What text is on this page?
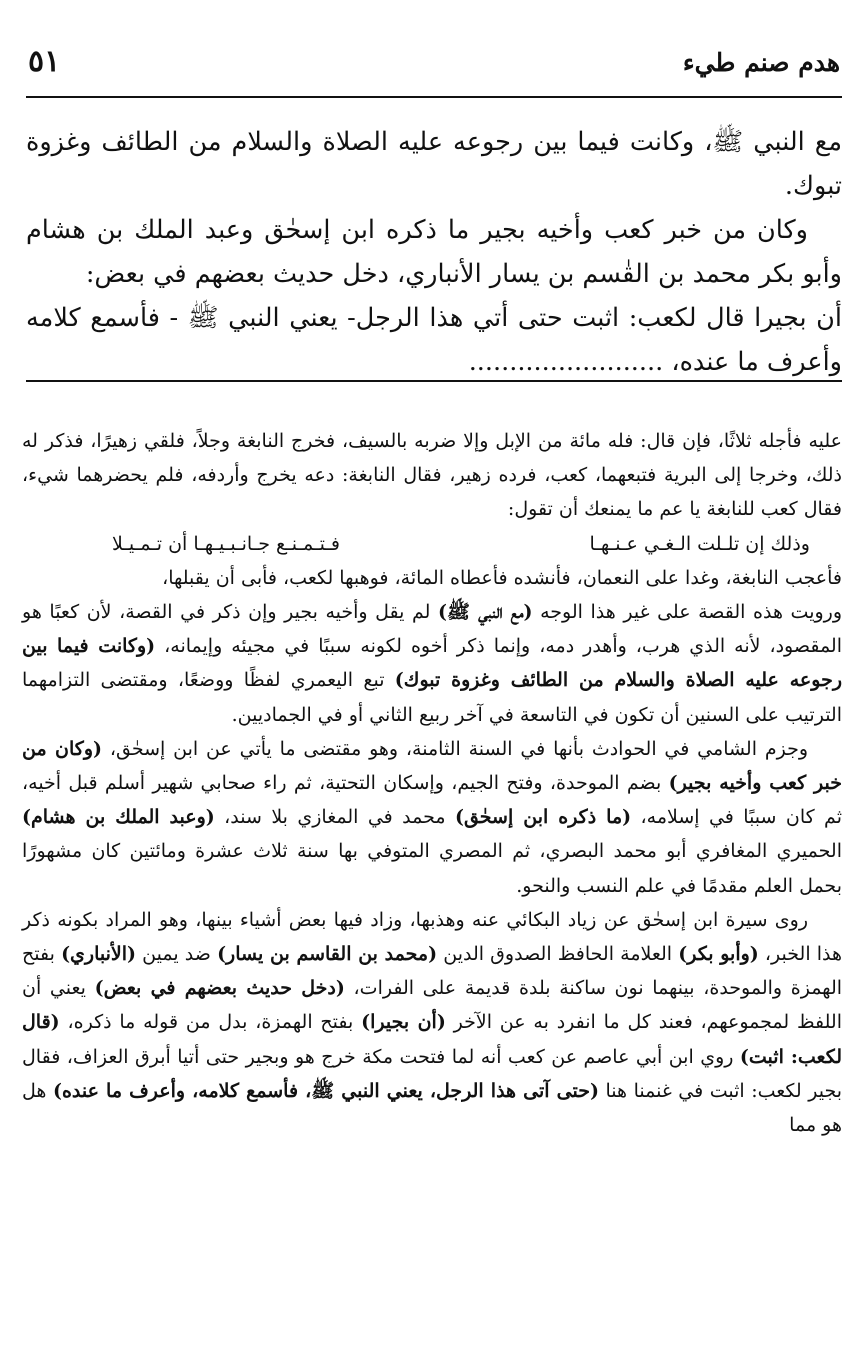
٥١	هدم صنم طيء

مع النبي ﷺ، وكانت فيما بين رجوعه عليه الصلاة والسلام من الطائف وغزوة تبوك.

وكان من خبر كعب وأخيه بجير ما ذكره ابن إسحٰق وعبد الملك بن هشام وأبو بكر محمد بن القٰسم بن يسار الأنباري، دخل حديث بعضهم في بعض:

أن بجيرا قال لكعب: اثبت حتى أتي هذا الرجل- يعني النبي ﷺ - فأسمع كلامه وأعرف ما عنده، ........................

عليه فأجله ثلاثًا، فإن قال: فله مائة من الإبل وإلا ضربه بالسيف، فخرج النابغة وجلاً، فلقي زهيرًا، فذكر له ذلك، وخرجا إلى البرية فتبعهما، كعب، فرده زهير، فقال النابغة: دعه يخرج وأردفه، فلم يحضرهما شيء، فقال كعب للنابغة يا عم ما يمنعك أن تقول:

وذلك إن تلـلت الـغـي عـنـهـا
فـتـمـنـع جـانـبـيـهـا أن تـمـيـلا

فأعجب النابغة، وغدا على النعمان، فأنشده فأعطاه المائة، فوهبها لكعب، فأبى أن يقبلها،

ورويت هذه القصة على غير هذا الوجه (مع النبي ﷺ) لم يقل وأخيه بجير وإن ذكر في القصة، لأن كعبًا هو المقصود، لأنه الذي هرب، وأهدر دمه، وإنما ذكر أخوه لكونه سببًا في مجيئه وإيمانه، (وكانت فيما بين رجوعه عليه الصلاة والسلام من الطائف وغزوة تبوك) تبع اليعمري لفظًا ووضعًا، ومقتضى التزامهما الترتيب على السنين أن تكون في التاسعة في آخر ربيع الثاني أو في الجماديين.

وجزم الشامي في الحوادث بأنها في السنة الثامنة، وهو مقتضى ما يأتي عن ابن إسحٰق، (وكان من خبر كعب وأخيه بجير) بضم الموحدة، وفتح الجيم، وإسكان التحتية، ثم راء صحابي شهير أسلم قبل أخيه، ثم كان سببًا في إسلامه، (ما ذكره ابن إسحٰق) محمد في المغازي بلا سند، (وعبد الملك بن هشام) الحميري المغافري أبو محمد البصري، ثم المصري المتوفي بها سنة ثلاث عشرة ومائتين كان مشهورًا بحمل العلم مقدمًا في علم النسب والنحو.

روى سيرة ابن إسحٰق عن زياد البكائي عنه وهذبها، وزاد فيها بعض أشياء بينها، وهو المراد بكونه ذكر هذا الخبر، (وأبو بكر) العلامة الحافظ الصدوق الدين (محمد بن القاسم بن يسار) ضد يمين (الأنباري) بفتح الهمزة والموحدة، بينهما نون ساكنة بلدة قديمة على الفرات، (دخل حديث بعضهم في بعض) يعني أن اللفظ لمجموعهم، فعند كل ما انفرد به عن الآخر (أن بجيرا) بفتح الهمزة، بدل من قوله ما ذكره، (قال لكعب: اثبت) روي ابن أبي عاصم عن كعب أنه لما فتحت مكة خرج هو وبجير حتى أتيا أبرق العزاف، فقال بجير لكعب: اثبت في غنمنا هنا (حتى آتى هذا الرجل، يعني النبي ﷺ، فأسمع كلامه، وأعرف ما عنده) هل هو مما
